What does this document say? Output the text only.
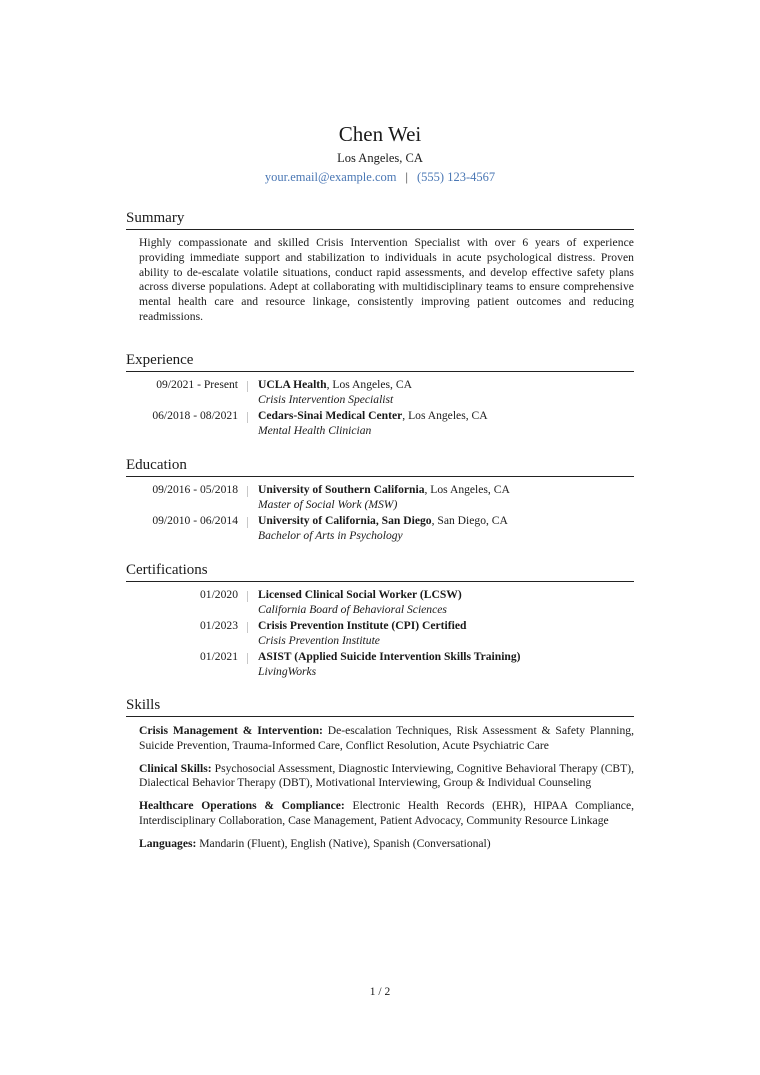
Chen Wei
Los Angeles, CA
your.email@example.com | (555) 123-4567
Summary
Highly compassionate and skilled Crisis Intervention Specialist with over 6 years of experience providing immediate support and stabilization to individuals in acute psychological distress. Proven ability to de-escalate volatile situations, conduct rapid assessments, and develop effective safety plans across diverse populations. Adept at collaborating with multidisciplinary teams to ensure comprehensive mental health care and resource linkage, consistently improving patient outcomes and reducing readmissions.
Experience
09/2021 - Present UCLA Health, Los Angeles, CA
Crisis Intervention Specialist
06/2018 - 08/2021 Cedars-Sinai Medical Center, Los Angeles, CA
Mental Health Clinician
Education
09/2016 - 05/2018 University of Southern California, Los Angeles, CA
Master of Social Work (MSW)
09/2010 - 06/2014 University of California, San Diego, San Diego, CA
Bachelor of Arts in Psychology
Certifications
01/2020 Licensed Clinical Social Worker (LCSW)
California Board of Behavioral Sciences
01/2023 Crisis Prevention Institute (CPI) Certified
Crisis Prevention Institute
01/2021 ASIST (Applied Suicide Intervention Skills Training)
LivingWorks
Skills
Crisis Management & Intervention: De-escalation Techniques, Risk Assessment & Safety Planning, Suicide Prevention, Trauma-Informed Care, Conflict Resolution, Acute Psychiatric Care
Clinical Skills: Psychosocial Assessment, Diagnostic Interviewing, Cognitive Behavioral Therapy (CBT), Dialectical Behavior Therapy (DBT), Motivational Interviewing, Group & Individual Counseling
Healthcare Operations & Compliance: Electronic Health Records (EHR), HIPAA Compliance, Interdisciplinary Collaboration, Case Management, Patient Advocacy, Community Resource Linkage
Languages: Mandarin (Fluent), English (Native), Spanish (Conversational)
1 / 2
